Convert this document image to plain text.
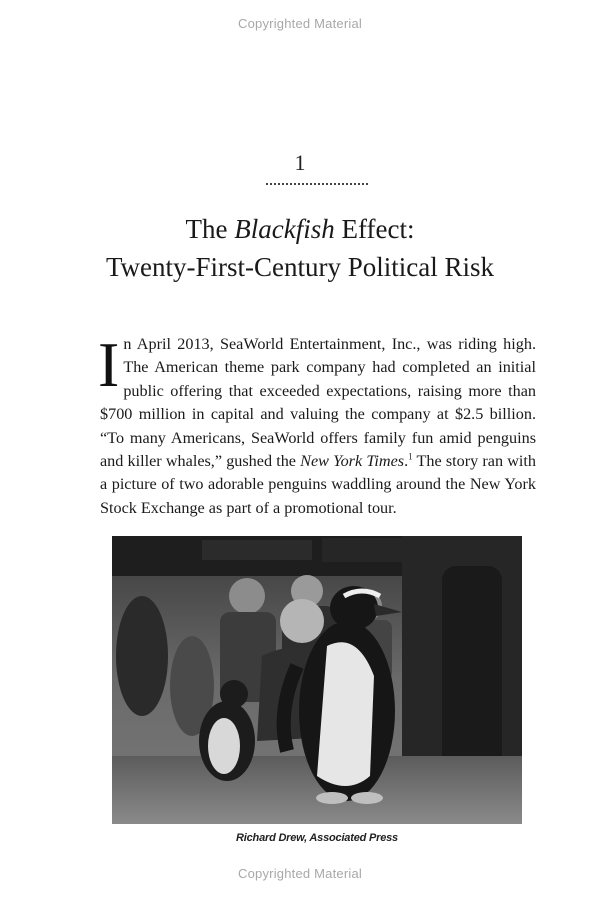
Copyrighted Material
1
The Blackfish Effect:
Twenty-First-Century Political Risk

In April 2013, SeaWorld Entertainment, Inc., was riding high. The American theme park company had completed an initial public offering that exceeded expectations, raising more than $700 million in capital and valuing the company at $2.5 billion. “To many Americans, SeaWorld offers family fun amid penguins and killer whales,” gushed the New York Times.$^1$ The story ran with a picture of two adorable penguins waddling around the New York Stock Exchange as part of a promotional tour.

Richard Drew, Associated Press
Copyrighted Material
